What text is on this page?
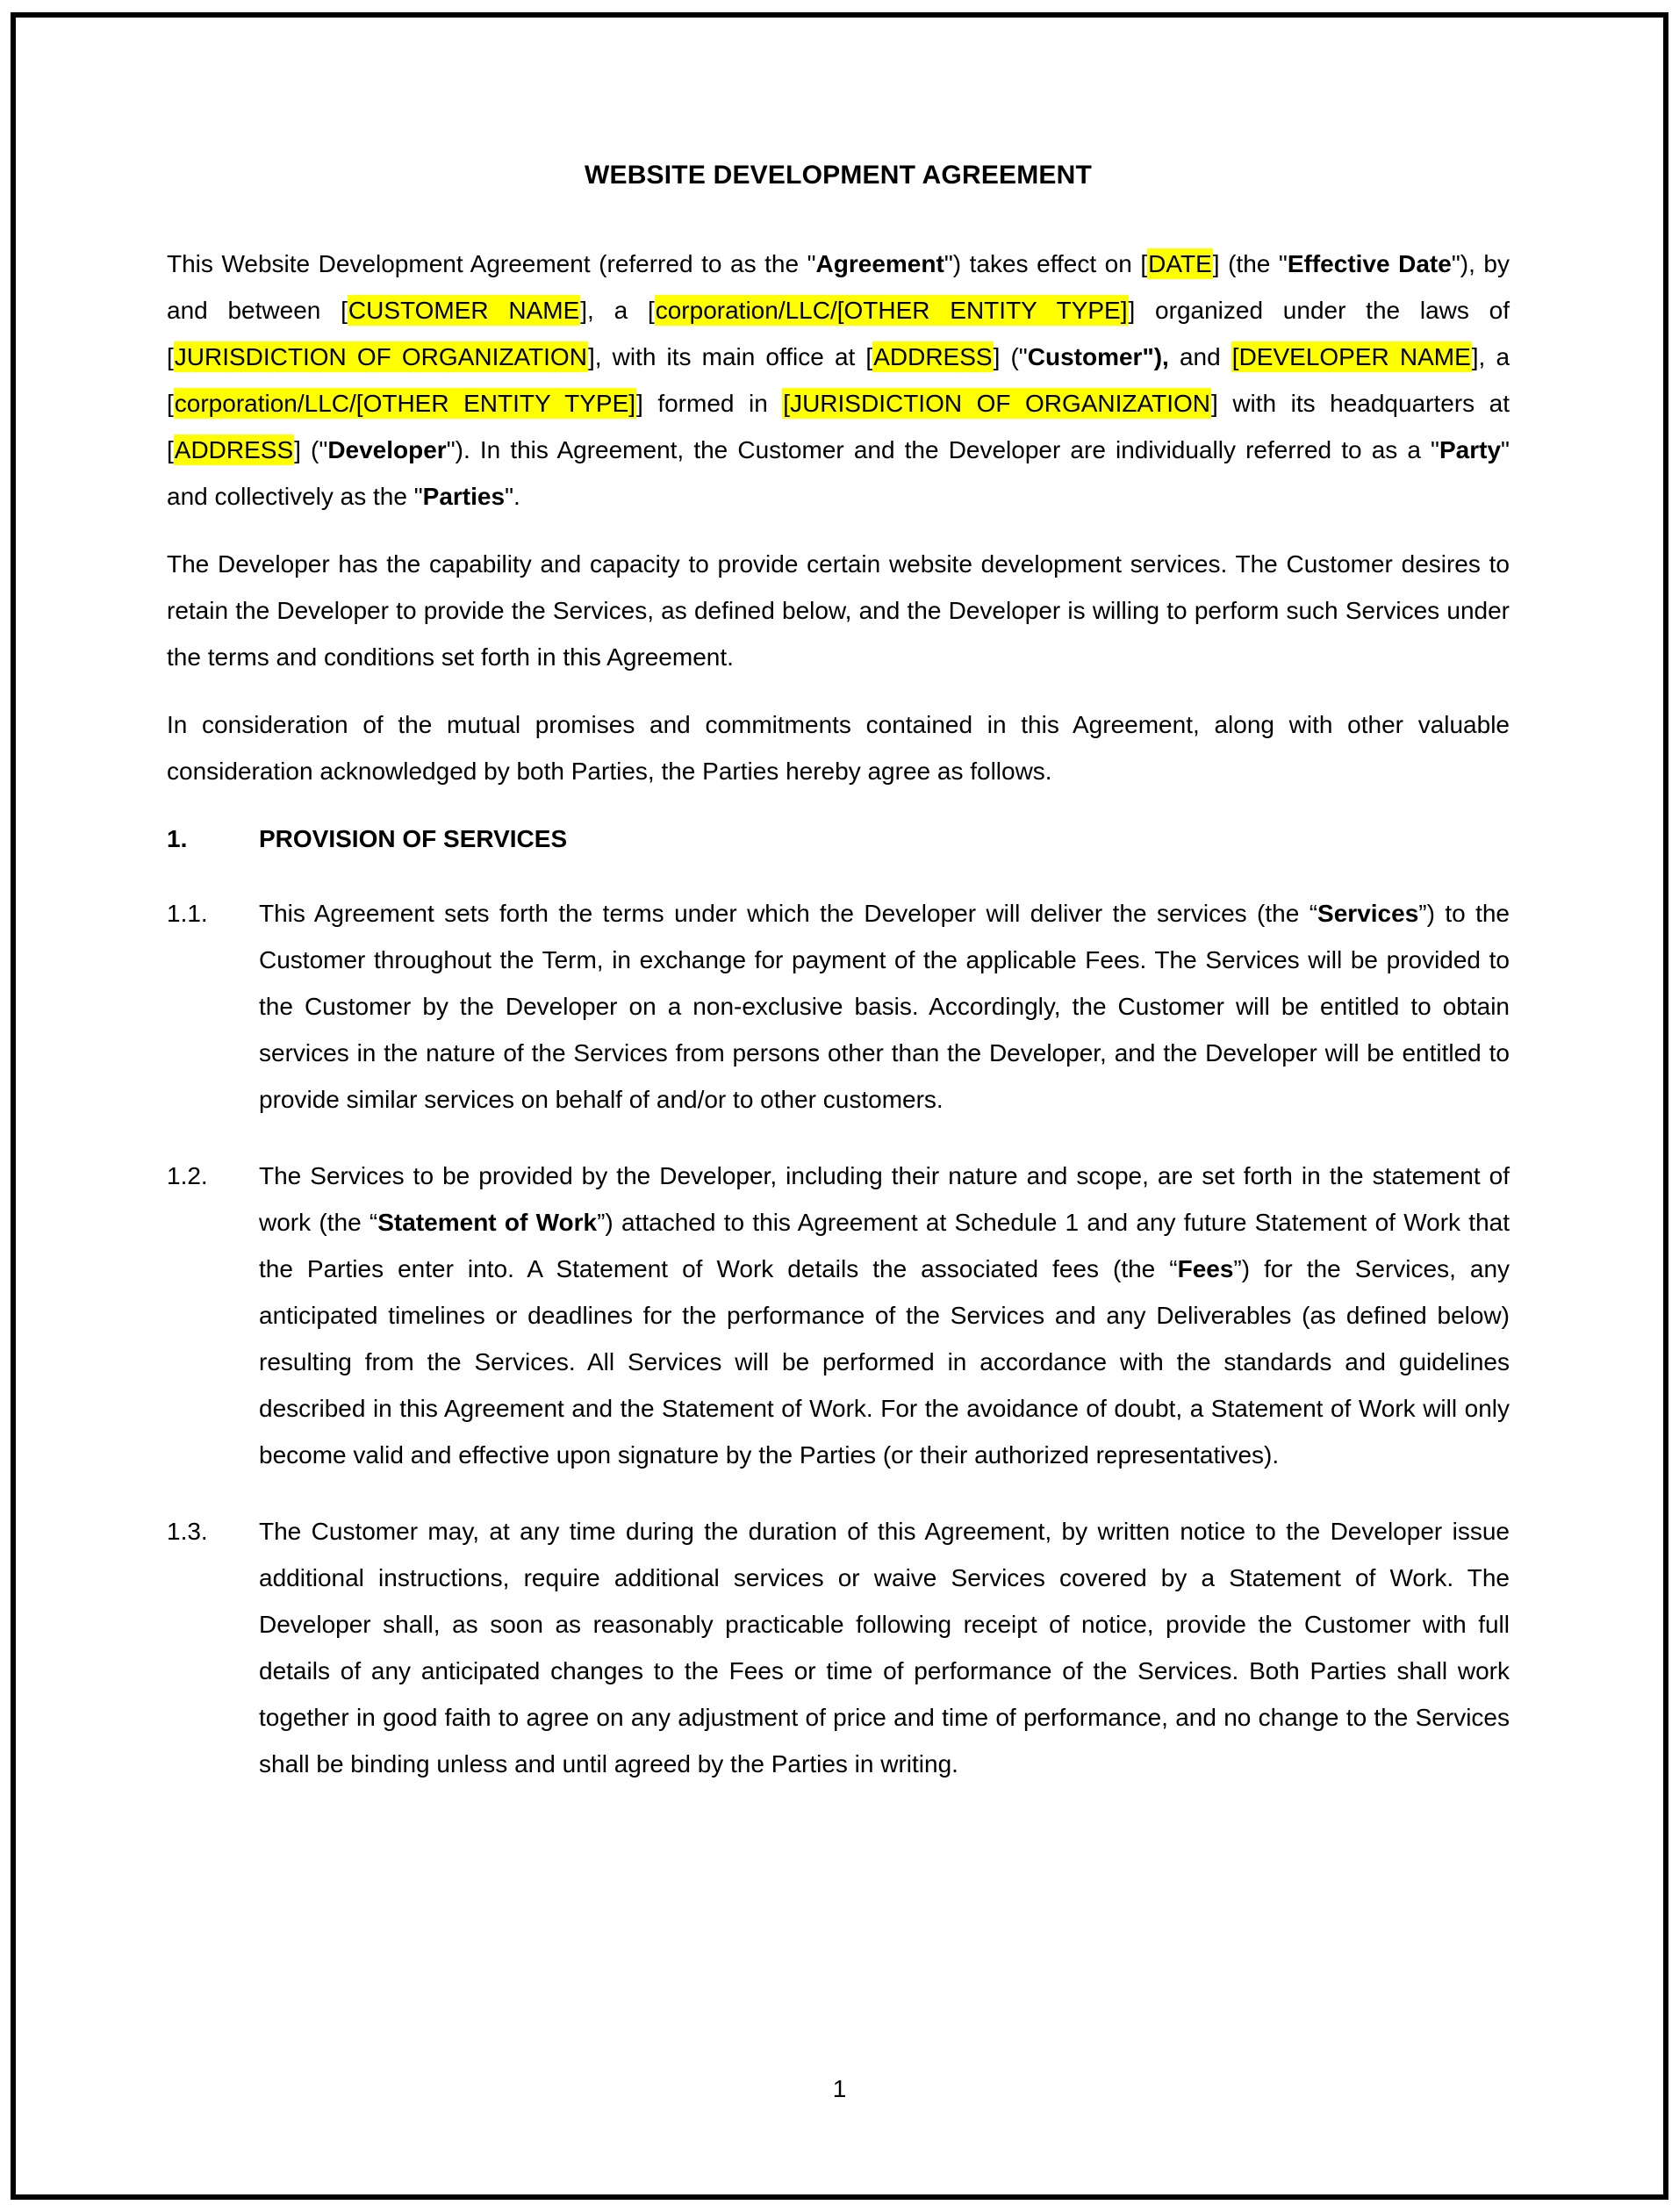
WEBSITE DEVELOPMENT AGREEMENT
This Website Development Agreement (referred to as the "Agreement") takes effect on [DATE] (the "Effective Date"), by and between [CUSTOMER NAME], a [corporation/LLC/[OTHER ENTITY TYPE]] organized under the laws of [JURISDICTION OF ORGANIZATION], with its main office at [ADDRESS] ("Customer"), and [DEVELOPER NAME], a [corporation/LLC/[OTHER ENTITY TYPE]] formed in [JURISDICTION OF ORGANIZATION] with its headquarters at [ADDRESS] ("Developer"). In this Agreement, the Customer and the Developer are individually referred to as a "Party" and collectively as the "Parties".
The Developer has the capability and capacity to provide certain website development services. The Customer desires to retain the Developer to provide the Services, as defined below, and the Developer is willing to perform such Services under the terms and conditions set forth in this Agreement.
In consideration of the mutual promises and commitments contained in this Agreement, along with other valuable consideration acknowledged by both Parties, the Parties hereby agree as follows.
1.	PROVISION OF SERVICES
1.1.	This Agreement sets forth the terms under which the Developer will deliver the services (the “Services”) to the Customer throughout the Term, in exchange for payment of the applicable Fees. The Services will be provided to the Customer by the Developer on a non-exclusive basis. Accordingly, the Customer will be entitled to obtain services in the nature of the Services from persons other than the Developer, and the Developer will be entitled to provide similar services on behalf of and/or to other customers.
1.2.	The Services to be provided by the Developer, including their nature and scope, are set forth in the statement of work (the “Statement of Work”) attached to this Agreement at Schedule 1 and any future Statement of Work that the Parties enter into. A Statement of Work details the associated fees (the “Fees”) for the Services, any anticipated timelines or deadlines for the performance of the Services and any Deliverables (as defined below) resulting from the Services. All Services will be performed in accordance with the standards and guidelines described in this Agreement and the Statement of Work. For the avoidance of doubt, a Statement of Work will only become valid and effective upon signature by the Parties (or their authorized representatives).
1.3.	The Customer may, at any time during the duration of this Agreement, by written notice to the Developer issue additional instructions, require additional services or waive Services covered by a Statement of Work. The Developer shall, as soon as reasonably practicable following receipt of notice, provide the Customer with full details of any anticipated changes to the Fees or time of performance of the Services. Both Parties shall work together in good faith to agree on any adjustment of price and time of performance, and no change to the Services shall be binding unless and until agreed by the Parties in writing.
1
